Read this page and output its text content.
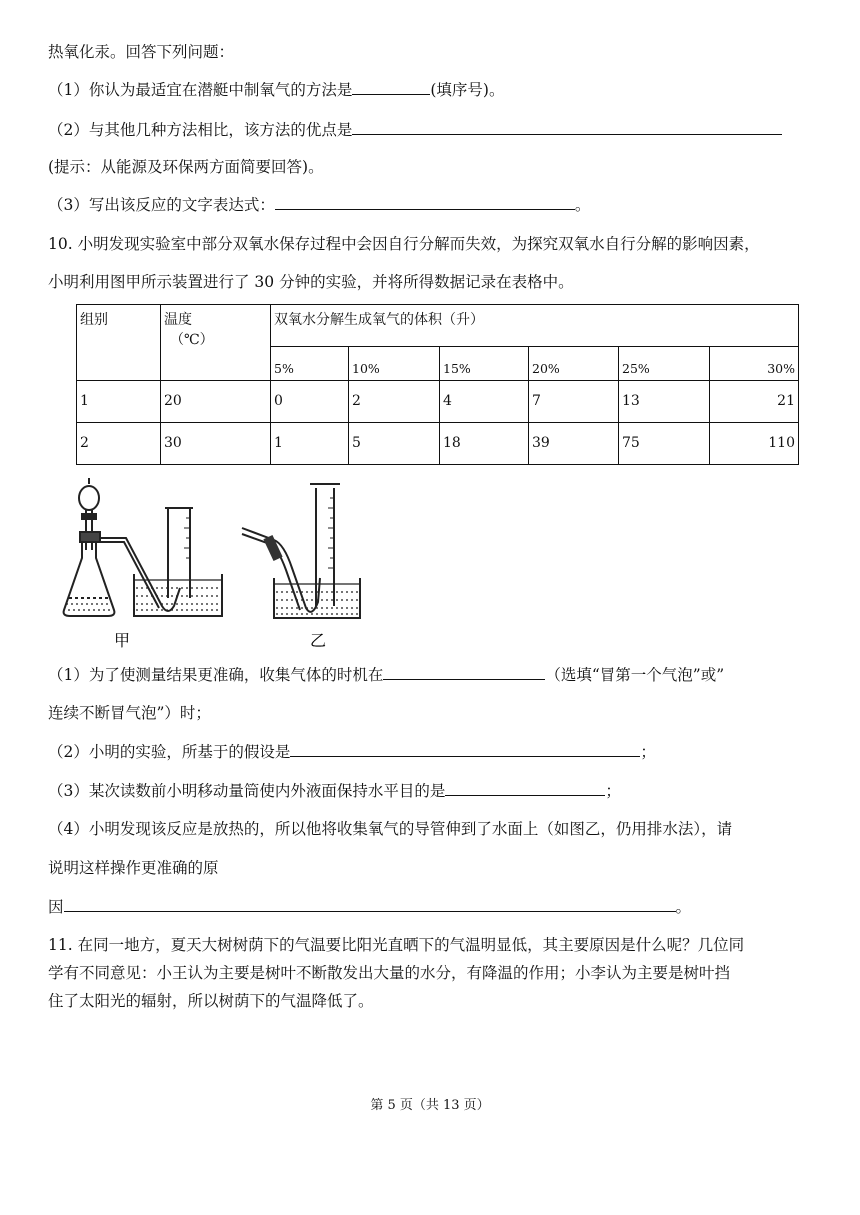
热氧化汞。回答下列问题：
（1）你认为最适宜在潜艇中制氧气的方法是	(填序号)。
（2）与其他几种方法相比，该方法的优点是
(提示：从能源及环保两方面简要回答)。
（3）写出该反应的文字表达式：	。
10. 小明发现实验室中部分双氧水保存过程中会因自行分解而失效，为探究双氧水自行分解的影响因素，
小明利用图甲所示装置进行了 30 分钟的实验，并将所得数据记录在表格中。
组别	温度
（℃）	双氧水分解生成氧气的体积（升）					
		5%	10%	15%	20%	25%	30%
1	20	0	2	4	7	13	21
2	30	1	5	18	39	75	110
甲	乙
（1）为了使测量结果更准确，收集气体的时机在	（选填“冒第一个气泡”或”
连续不断冒气泡”）时；
（2）小明的实验，所基于的假设是	；
（3）某次读数前小明移动量筒使内外液面保持水平目的是	；
（4）小明发现该反应是放热的，所以他将收集氧气的导管伸到了水面上（如图乙，仍用排水法），请
说明这样操作更准确的原
因	。
11. 在同一地方，夏天大树树荫下的气温要比阳光直晒下的气温明显低，其主要原因是什么呢？几位同
学有不同意见：小王认为主要是树叶不断散发出大量的水分，有降温的作用；小李认为主要是树叶挡
住了太阳光的辐射，所以树荫下的气温降低了。
第 5 页（共 13 页）
